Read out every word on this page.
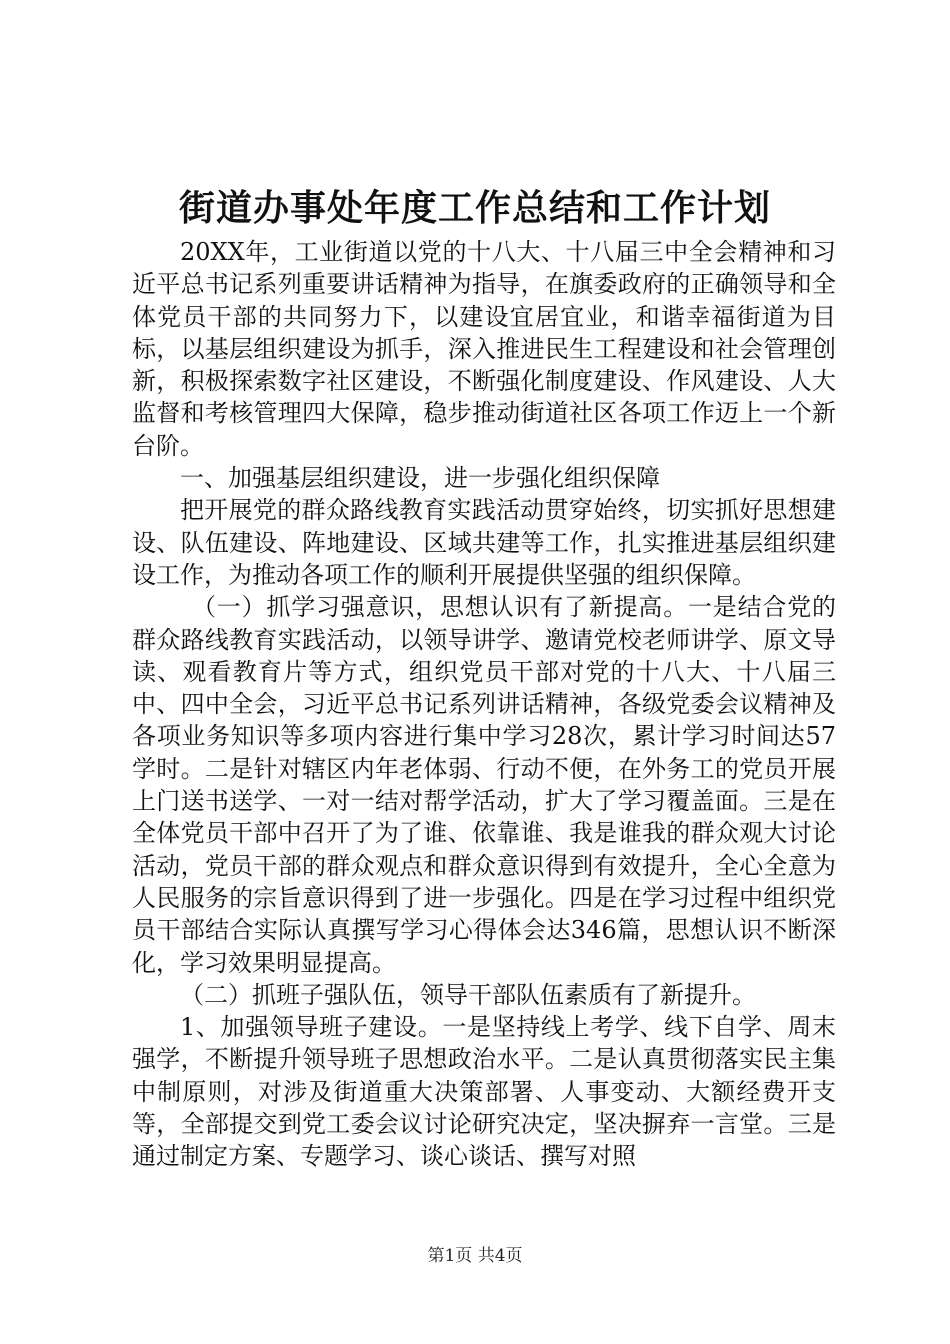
街道办事处年度工作总结和工作计划

20XX年，工业街道以党的十八大、十八届三中全会精神和习近平总书记系列重要讲话精神为指导，在旗委政府的正确领导和全体党员干部的共同努力下，以建设宜居宜业，和谐幸福街道为目标，以基层组织建设为抓手，深入推进民生工程建设和社会管理创新，积极探索数字社区建设，不断强化制度建设、作风建设、人大监督和考核管理四大保障，稳步推动街道社区各项工作迈上一个新台阶。

一、加强基层组织建设，进一步强化组织保障

把开展党的群众路线教育实践活动贯穿始终，切实抓好思想建设、队伍建设、阵地建设、区域共建等工作，扎实推进基层组织建设工作，为推动各项工作的顺利开展提供坚强的组织保障。

（一）抓学习强意识，思想认识有了新提高。一是结合党的群众路线教育实践活动，以领导讲学、邀请党校老师讲学、原文导读、观看教育片等方式，组织党员干部对党的十八大、十八届三中、四中全会，习近平总书记系列讲话精神，各级党委会议精神及各项业务知识等多项内容进行集中学习28次，累计学习时间达57学时。二是针对辖区内年老体弱、行动不便，在外务工的党员开展上门送书送学、一对一结对帮学活动，扩大了学习覆盖面。三是在全体党员干部中召开了为了谁、依靠谁、我是谁我的群众观大讨论活动，党员干部的群众观点和群众意识得到有效提升，全心全意为人民服务的宗旨意识得到了进一步强化。四是在学习过程中组织党员干部结合实际认真撰写学习心得体会达346篇，思想认识不断深化，学习效果明显提高。

（二）抓班子强队伍，领导干部队伍素质有了新提升。

1、加强领导班子建设。一是坚持线上考学、线下自学、周末强学，不断提升领导班子思想政治水平。二是认真贯彻落实民主集中制原则，对涉及街道重大决策部署、人事变动、大额经费开支等，全部提交到党工委会议讨论研究决定，坚决摒弃一言堂。三是通过制定方案、专题学习、谈心谈话、撰写对照

第1页 共4页
